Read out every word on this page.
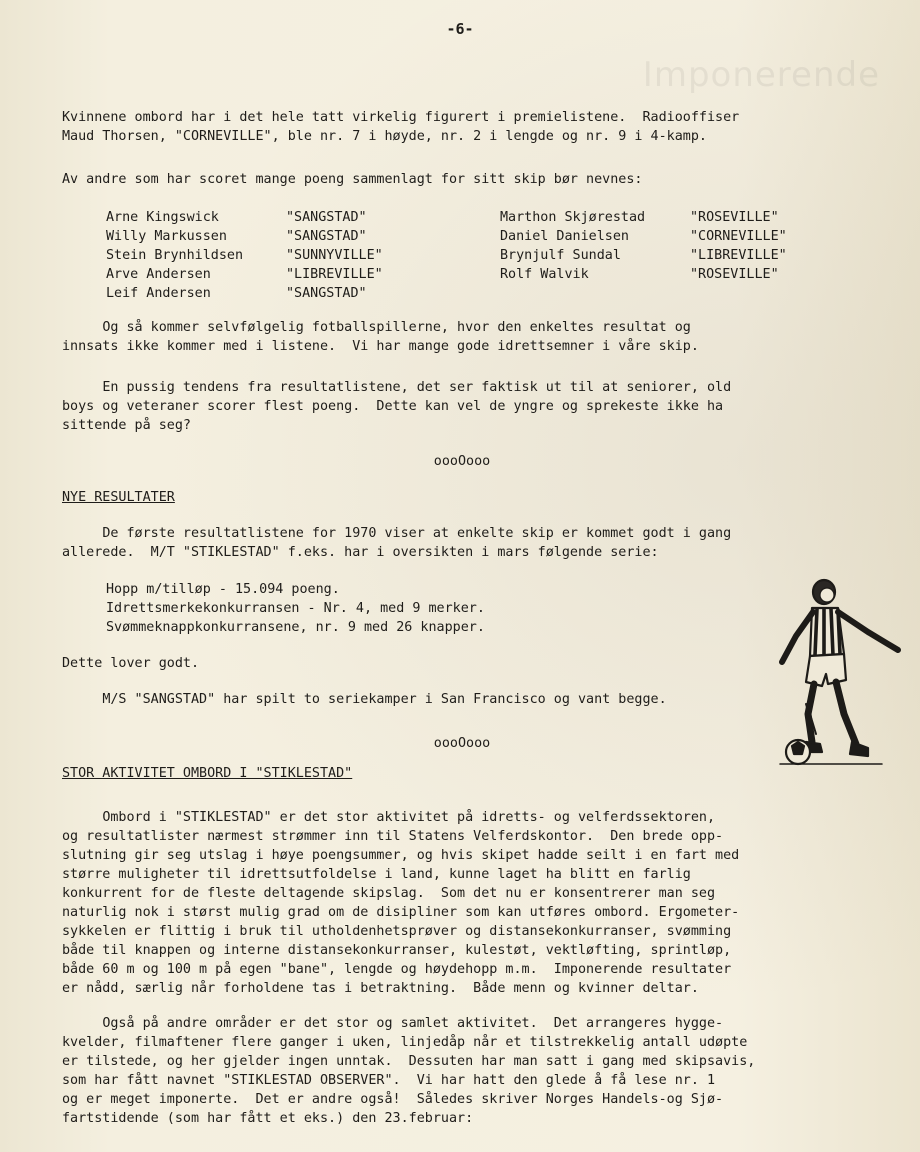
Imponerende
-6-

Kvinnene ombord har i det hele tatt virkelig figurert i premielistene.  Radiooffiser
Maud Thorsen, "CORNEVILLE", ble nr. 7 i høyde, nr. 2 i lengde og nr. 9 i 4-kamp.

Av andre som har scoret mange poeng sammenlagt for sitt skip bør nevnes:

Arne Kingswick	"SANGSTAD"
Willy Markussen	"SANGSTAD"
Stein Brynhildsen	"SUNNYVILLE"
Arve Andersen	"LIBREVILLE"
Leif Andersen	"SANGSTAD"
Marthon Skjørestad	"ROSEVILLE"
Daniel Danielsen	"CORNEVILLE"
Brynjulf Sundal	"LIBREVILLE"
Rolf Walvik	"ROSEVILLE"

Og så kommer selvfølgelig fotballspillerne, hvor den enkeltes resultat og
innsats ikke kommer med i listene.  Vi har mange gode idrettsemner i våre skip.

En pussig tendens fra resultatlistene, det ser faktisk ut til at seniorer, old
boys og veteraner scorer flest poeng.  Dette kan vel de yngre og sprekeste ikke ha
sittende på seg?

oooOooo

NYE RESULTATER

De første resultatlistene for 1970 viser at enkelte skip er kommet godt i gang
allerede.  M/T "STIKLESTAD" f.eks. har i oversikten i mars følgende serie:

Hopp m/tilløp - 15.094 poeng.
Idrettsmerkekonkurransen - Nr. 4, med 9 merker.
Svømmeknappkonkurransene, nr. 9 med 26 knapper.

Dette lover godt.

M/S "SANGSTAD" har spilt to seriekamper i San Francisco og vant begge.

oooOooo

STOR AKTIVITET OMBORD I "STIKLESTAD"

Ombord i "STIKLESTAD" er det stor aktivitet på idretts- og velferdssektoren,
og resultatlister nærmest strømmer inn til Statens Velferdskontor.  Den brede opp-
slutning gir seg utslag i høye poengsummer, og hvis skipet hadde seilt i en fart med
større muligheter til idrettsutfoldelse i land, kunne laget ha blitt en farlig
konkurrent for de fleste deltagende skipslag.  Som det nu er konsentrerer man seg
naturlig nok i størst mulig grad om de disipliner som kan utføres ombord. Ergometer-
sykkelen er flittig i bruk til utholdenhetsprøver og distansekonkurranser, svømming
både til knappen og interne distansekonkurranser, kulestøt, vektløfting, sprintløp,
både 60 m og 100 m på egen "bane", lengde og høydehopp m.m.  Imponerende resultater
er nådd, særlig når forholdene tas i betraktning.  Både menn og kvinner deltar.

Også på andre områder er det stor og samlet aktivitet.  Det arrangeres hygge-
kvelder, filmaftener flere ganger i uken, linjedåp når et tilstrekkelig antall udøpte
er tilstede, og her gjelder ingen unntak.  Dessuten har man satt i gang med skipsavis,
som har fått navnet "STIKLESTAD OBSERVER".  Vi har hatt den glede å få lese nr. 1
og er meget imponerte.  Det er andre også!  Således skriver Norges Handels-og Sjø-
fartstidende (som har fått et eks.) den 23.februar:
